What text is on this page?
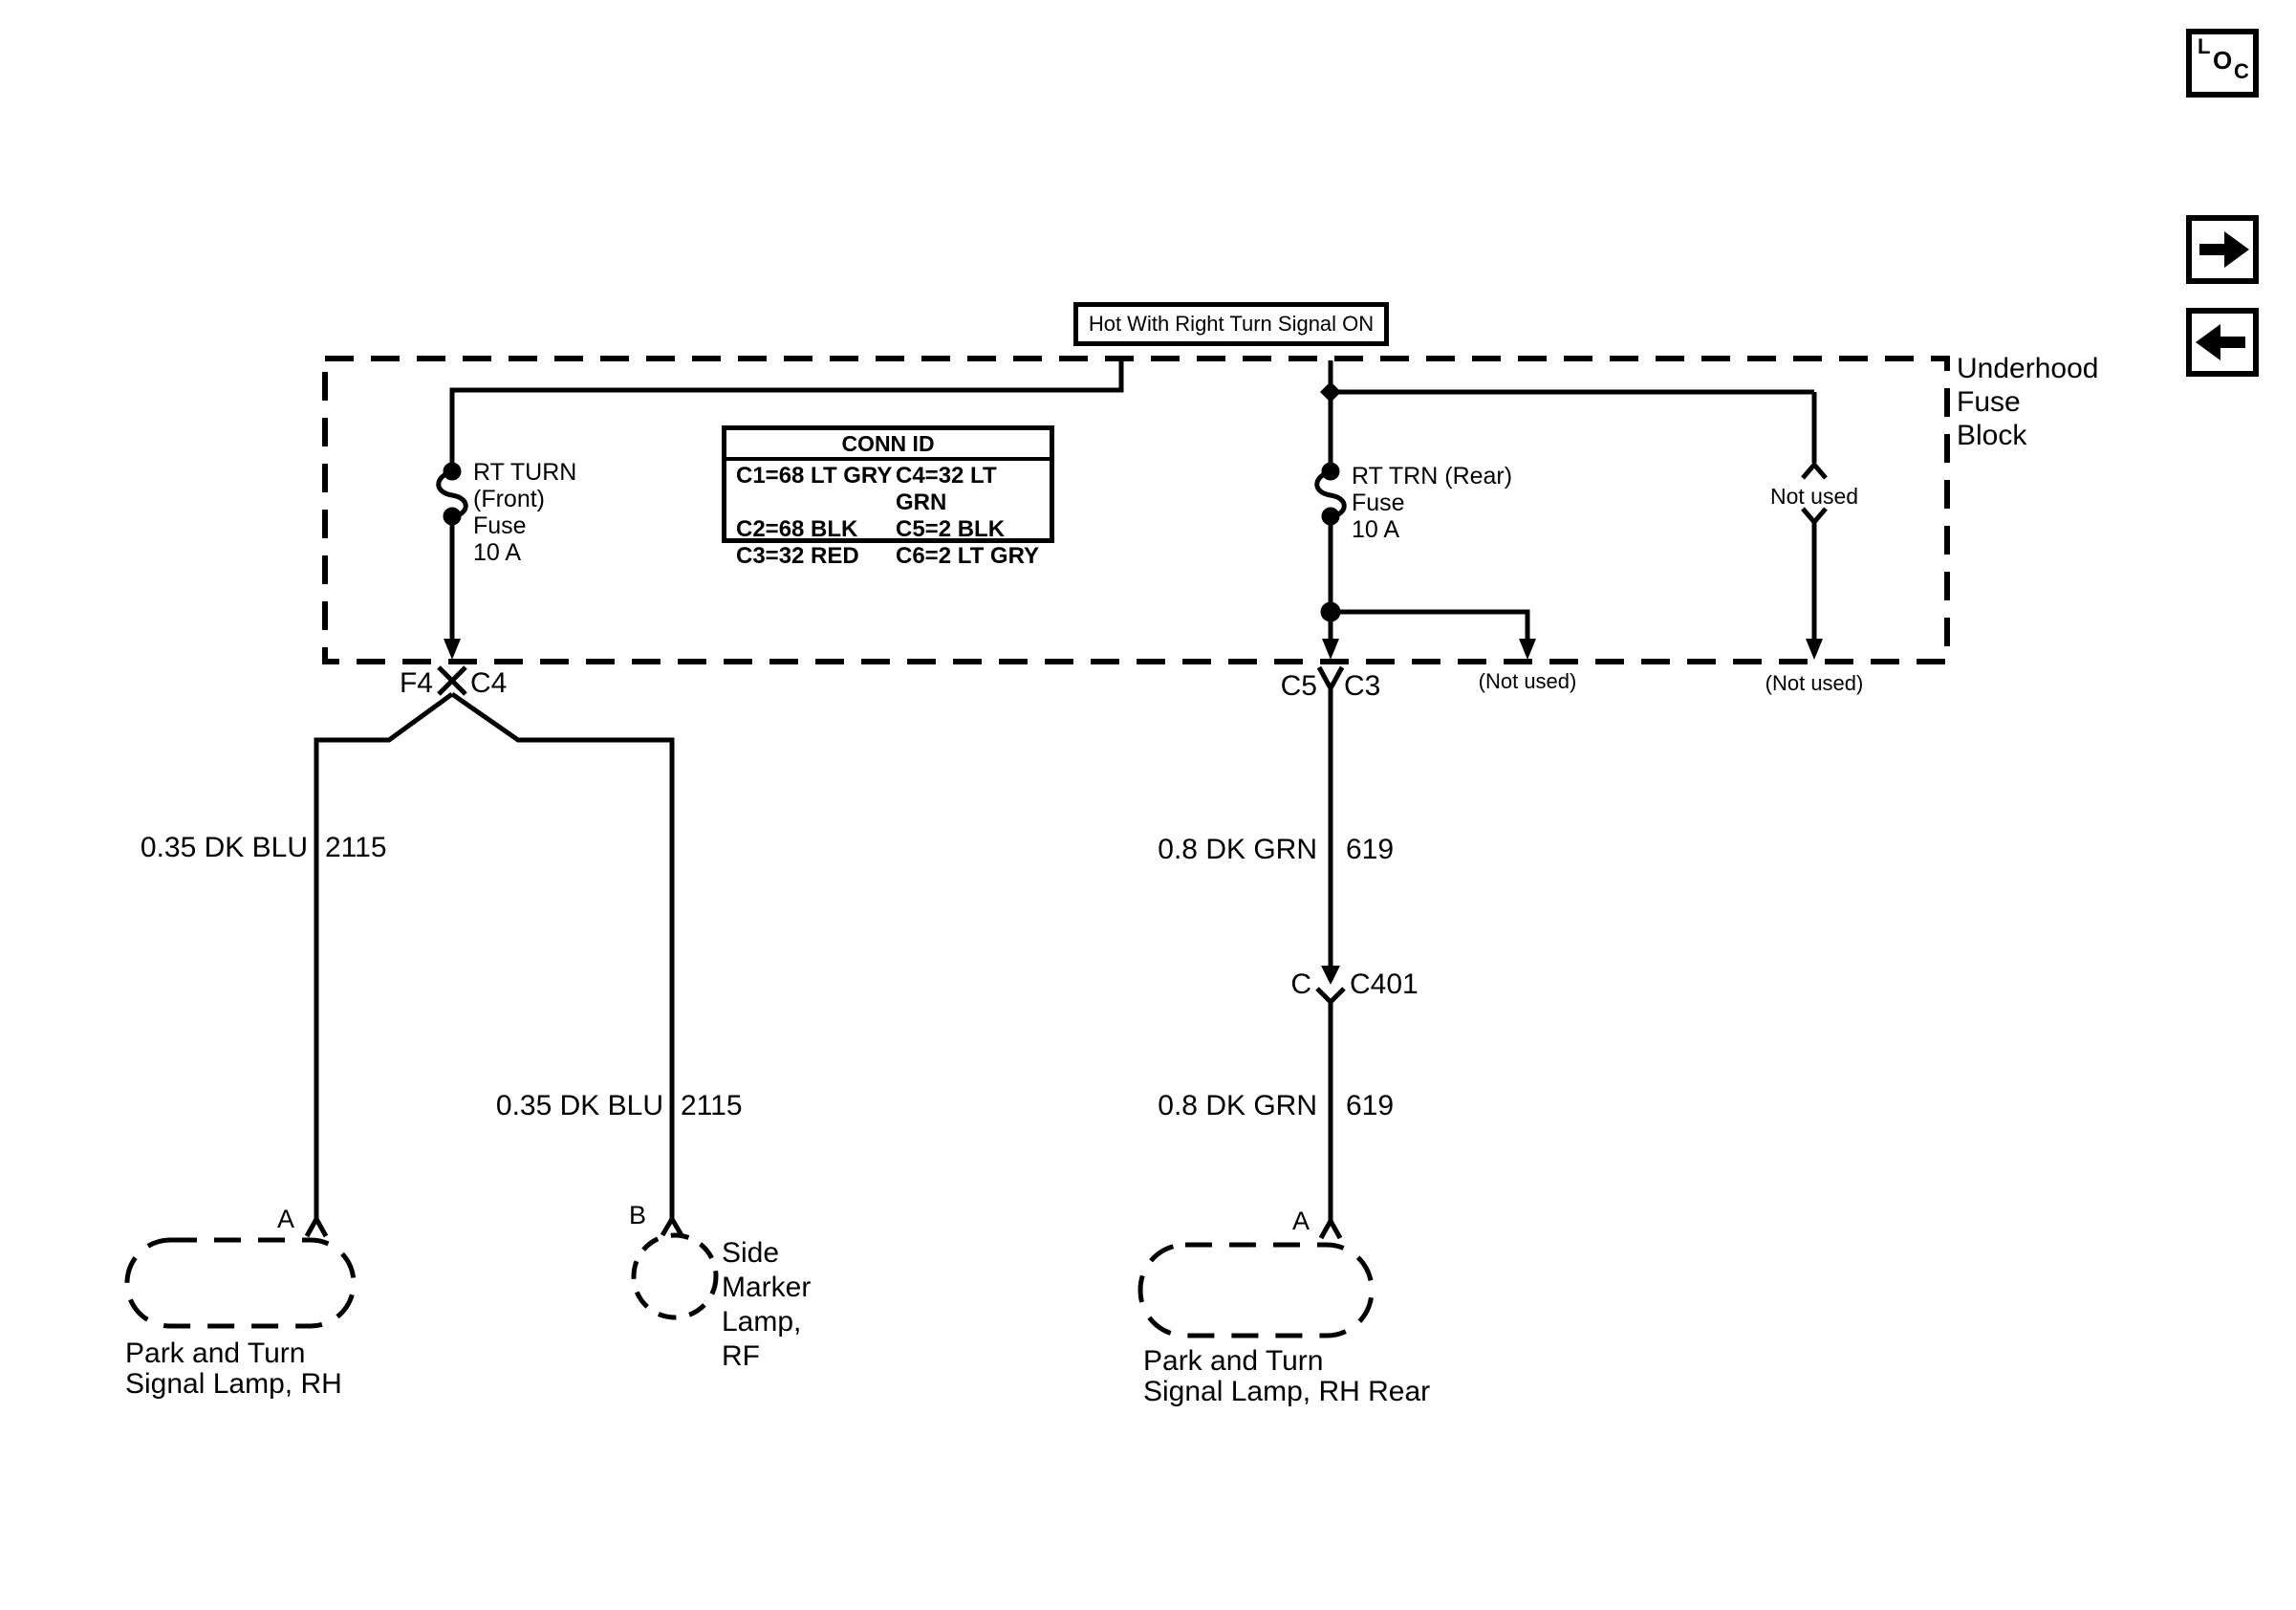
L O C
Hot With Right Turn Signal ON
Underhood
Fuse
Block
CONN ID
C1=68 LT GRY C4=32 LT GRN
C2=68 BLK	C5=2 BLK
C3=32 RED	C6=2 LT GRY
RT TURN
(Front)
Fuse
10 A
RT TRN (Rear)
Fuse
10 A
Not used
(Not used)	(Not used)
F4 C4	C5 C3
C C401
0.35 DK BLU 2115
0.35 DK BLU 2115
0.8 DK GRN 619
0.8 DK GRN 619
A	B	A
Park and Turn
Signal Lamp, RH
Side
Marker
Lamp,
RF	Park and Turn
Signal Lamp, RH Rear
